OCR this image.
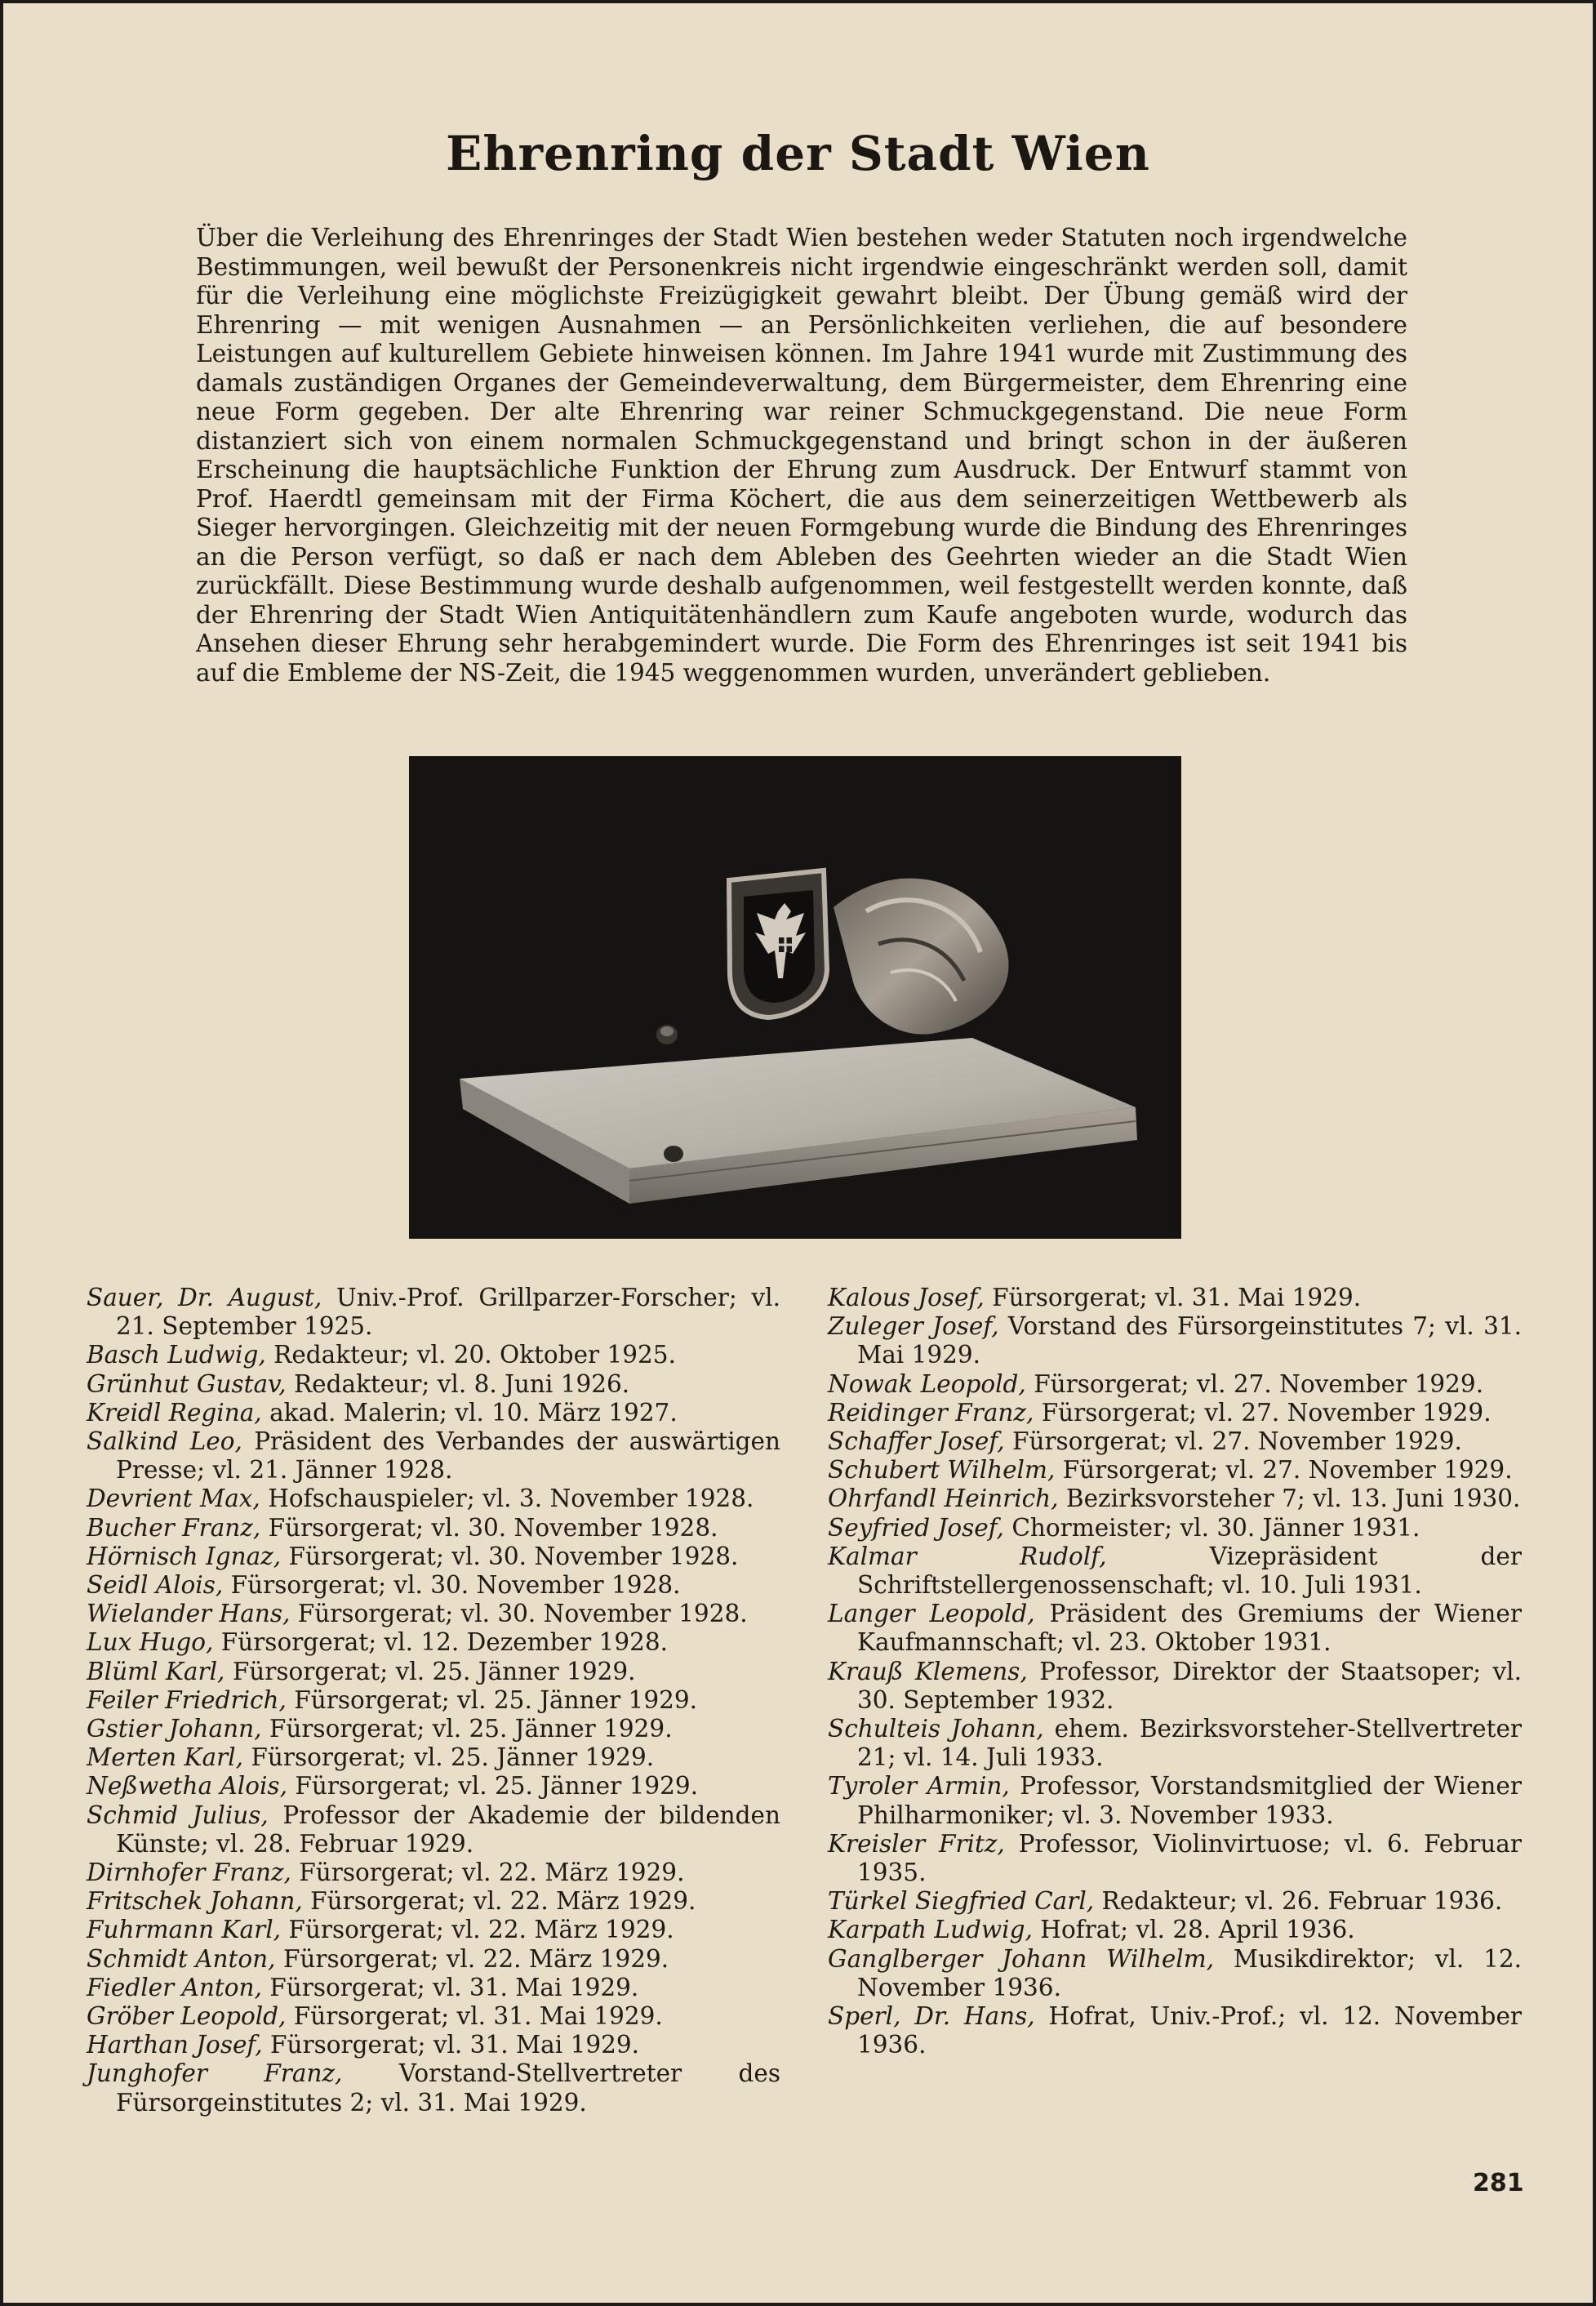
Ehrenring der Stadt Wien

Über die Verleihung des Ehrenringes der Stadt Wien bestehen weder Statuten noch irgendwelche Bestimmungen, weil bewußt der Personenkreis nicht irgendwie eingeschränkt werden soll, damit für die Verleihung eine möglichste Freizügigkeit gewahrt bleibt. Der Übung gemäß wird der Ehrenring — mit wenigen Ausnahmen — an Persönlichkeiten verliehen, die auf besondere Leistungen auf kulturellem Gebiete hinweisen können. Im Jahre 1941 wurde mit Zustimmung des damals zuständigen Organes der Gemeindeverwaltung, dem Bürgermeister, dem Ehrenring eine neue Form gegeben. Der alte Ehrenring war reiner Schmuckgegenstand. Die neue Form distanziert sich von einem normalen Schmuckgegenstand und bringt schon in der äußeren Erscheinung die hauptsächliche Funktion der Ehrung zum Ausdruck. Der Entwurf stammt von Prof. Haerdtl gemeinsam mit der Firma Köchert, die aus dem seinerzeitigen Wettbewerb als Sieger hervorgingen. Gleichzeitig mit der neuen Formgebung wurde die Bindung des Ehrenringes an die Person verfügt, so daß er nach dem Ableben des Geehrten wieder an die Stadt Wien zurückfällt. Diese Bestimmung wurde deshalb aufgenommen, weil festgestellt werden konnte, daß der Ehrenring der Stadt Wien Antiquitätenhändlern zum Kaufe angeboten wurde, wodurch das Ansehen dieser Ehrung sehr herabgemindert wurde. Die Form des Ehrenringes ist seit 1941 bis auf die Embleme der NS-Zeit, die 1945 weggenommen wurden, unverändert geblieben.

Sauer, Dr. August, Univ.-Prof. Grillparzer-Forscher; vl. 21. September 1925.

Basch Ludwig, Redakteur; vl. 20. Oktober 1925.

Grünhut Gustav, Redakteur; vl. 8. Juni 1926.

Kreidl Regina, akad. Malerin; vl. 10. März 1927.

Salkind Leo, Präsident des Verbandes der auswärtigen Presse; vl. 21. Jänner 1928.

Devrient Max, Hofschauspieler; vl. 3. November 1928.

Bucher Franz, Fürsorgerat; vl. 30. November 1928.

Hörnisch Ignaz, Fürsorgerat; vl. 30. November 1928.

Seidl Alois, Fürsorgerat; vl. 30. November 1928.

Wielander Hans, Fürsorgerat; vl. 30. November 1928.

Lux Hugo, Fürsorgerat; vl. 12. Dezember 1928.

Blüml Karl, Fürsorgerat; vl. 25. Jänner 1929.

Feiler Friedrich, Fürsorgerat; vl. 25. Jänner 1929.

Gstier Johann, Fürsorgerat; vl. 25. Jänner 1929.

Merten Karl, Fürsorgerat; vl. 25. Jänner 1929.

Neßwetha Alois, Fürsorgerat; vl. 25. Jänner 1929.

Schmid Julius, Professor der Akademie der bildenden Künste; vl. 28. Februar 1929.

Dirnhofer Franz, Fürsorgerat; vl. 22. März 1929.

Fritschek Johann, Fürsorgerat; vl. 22. März 1929.

Fuhrmann Karl, Fürsorgerat; vl. 22. März 1929.

Schmidt Anton, Fürsorgerat; vl. 22. März 1929.

Fiedler Anton, Fürsorgerat; vl. 31. Mai 1929.

Gröber Leopold, Fürsorgerat; vl. 31. Mai 1929.

Harthan Josef, Fürsorgerat; vl. 31. Mai 1929.

Junghofer Franz, Vorstand-Stellvertreter des Fürsorgeinstitutes 2; vl. 31. Mai 1929.

Kalous Josef, Fürsorgerat; vl. 31. Mai 1929.

Zuleger Josef, Vorstand des Fürsorgeinstitutes 7; vl. 31. Mai 1929.

Nowak Leopold, Fürsorgerat; vl. 27. November 1929.

Reidinger Franz, Fürsorgerat; vl. 27. November 1929.

Schaffer Josef, Fürsorgerat; vl. 27. November 1929.

Schubert Wilhelm, Fürsorgerat; vl. 27. November 1929.

Ohrfandl Heinrich, Bezirksvorsteher 7; vl. 13. Juni 1930.

Seyfried Josef, Chormeister; vl. 30. Jänner 1931.

Kalmar Rudolf, Vizepräsident der Schriftstellergenossenschaft; vl. 10. Juli 1931.

Langer Leopold, Präsident des Gremiums der Wiener Kaufmannschaft; vl. 23. Oktober 1931.

Krauß Klemens, Professor, Direktor der Staatsoper; vl. 30. September 1932.

Schulteis Johann, ehem. Bezirksvorsteher-Stellvertreter 21; vl. 14. Juli 1933.

Tyroler Armin, Professor, Vorstandsmitglied der Wiener Philharmoniker; vl. 3. November 1933.

Kreisler Fritz, Professor, Violinvirtuose; vl. 6. Februar 1935.

Türkel Siegfried Carl, Redakteur; vl. 26. Februar 1936.

Karpath Ludwig, Hofrat; vl. 28. April 1936.

Ganglberger Johann Wilhelm, Musikdirektor; vl. 12. November 1936.

Sperl, Dr. Hans, Hofrat, Univ.-Prof.; vl. 12. November 1936.

281
